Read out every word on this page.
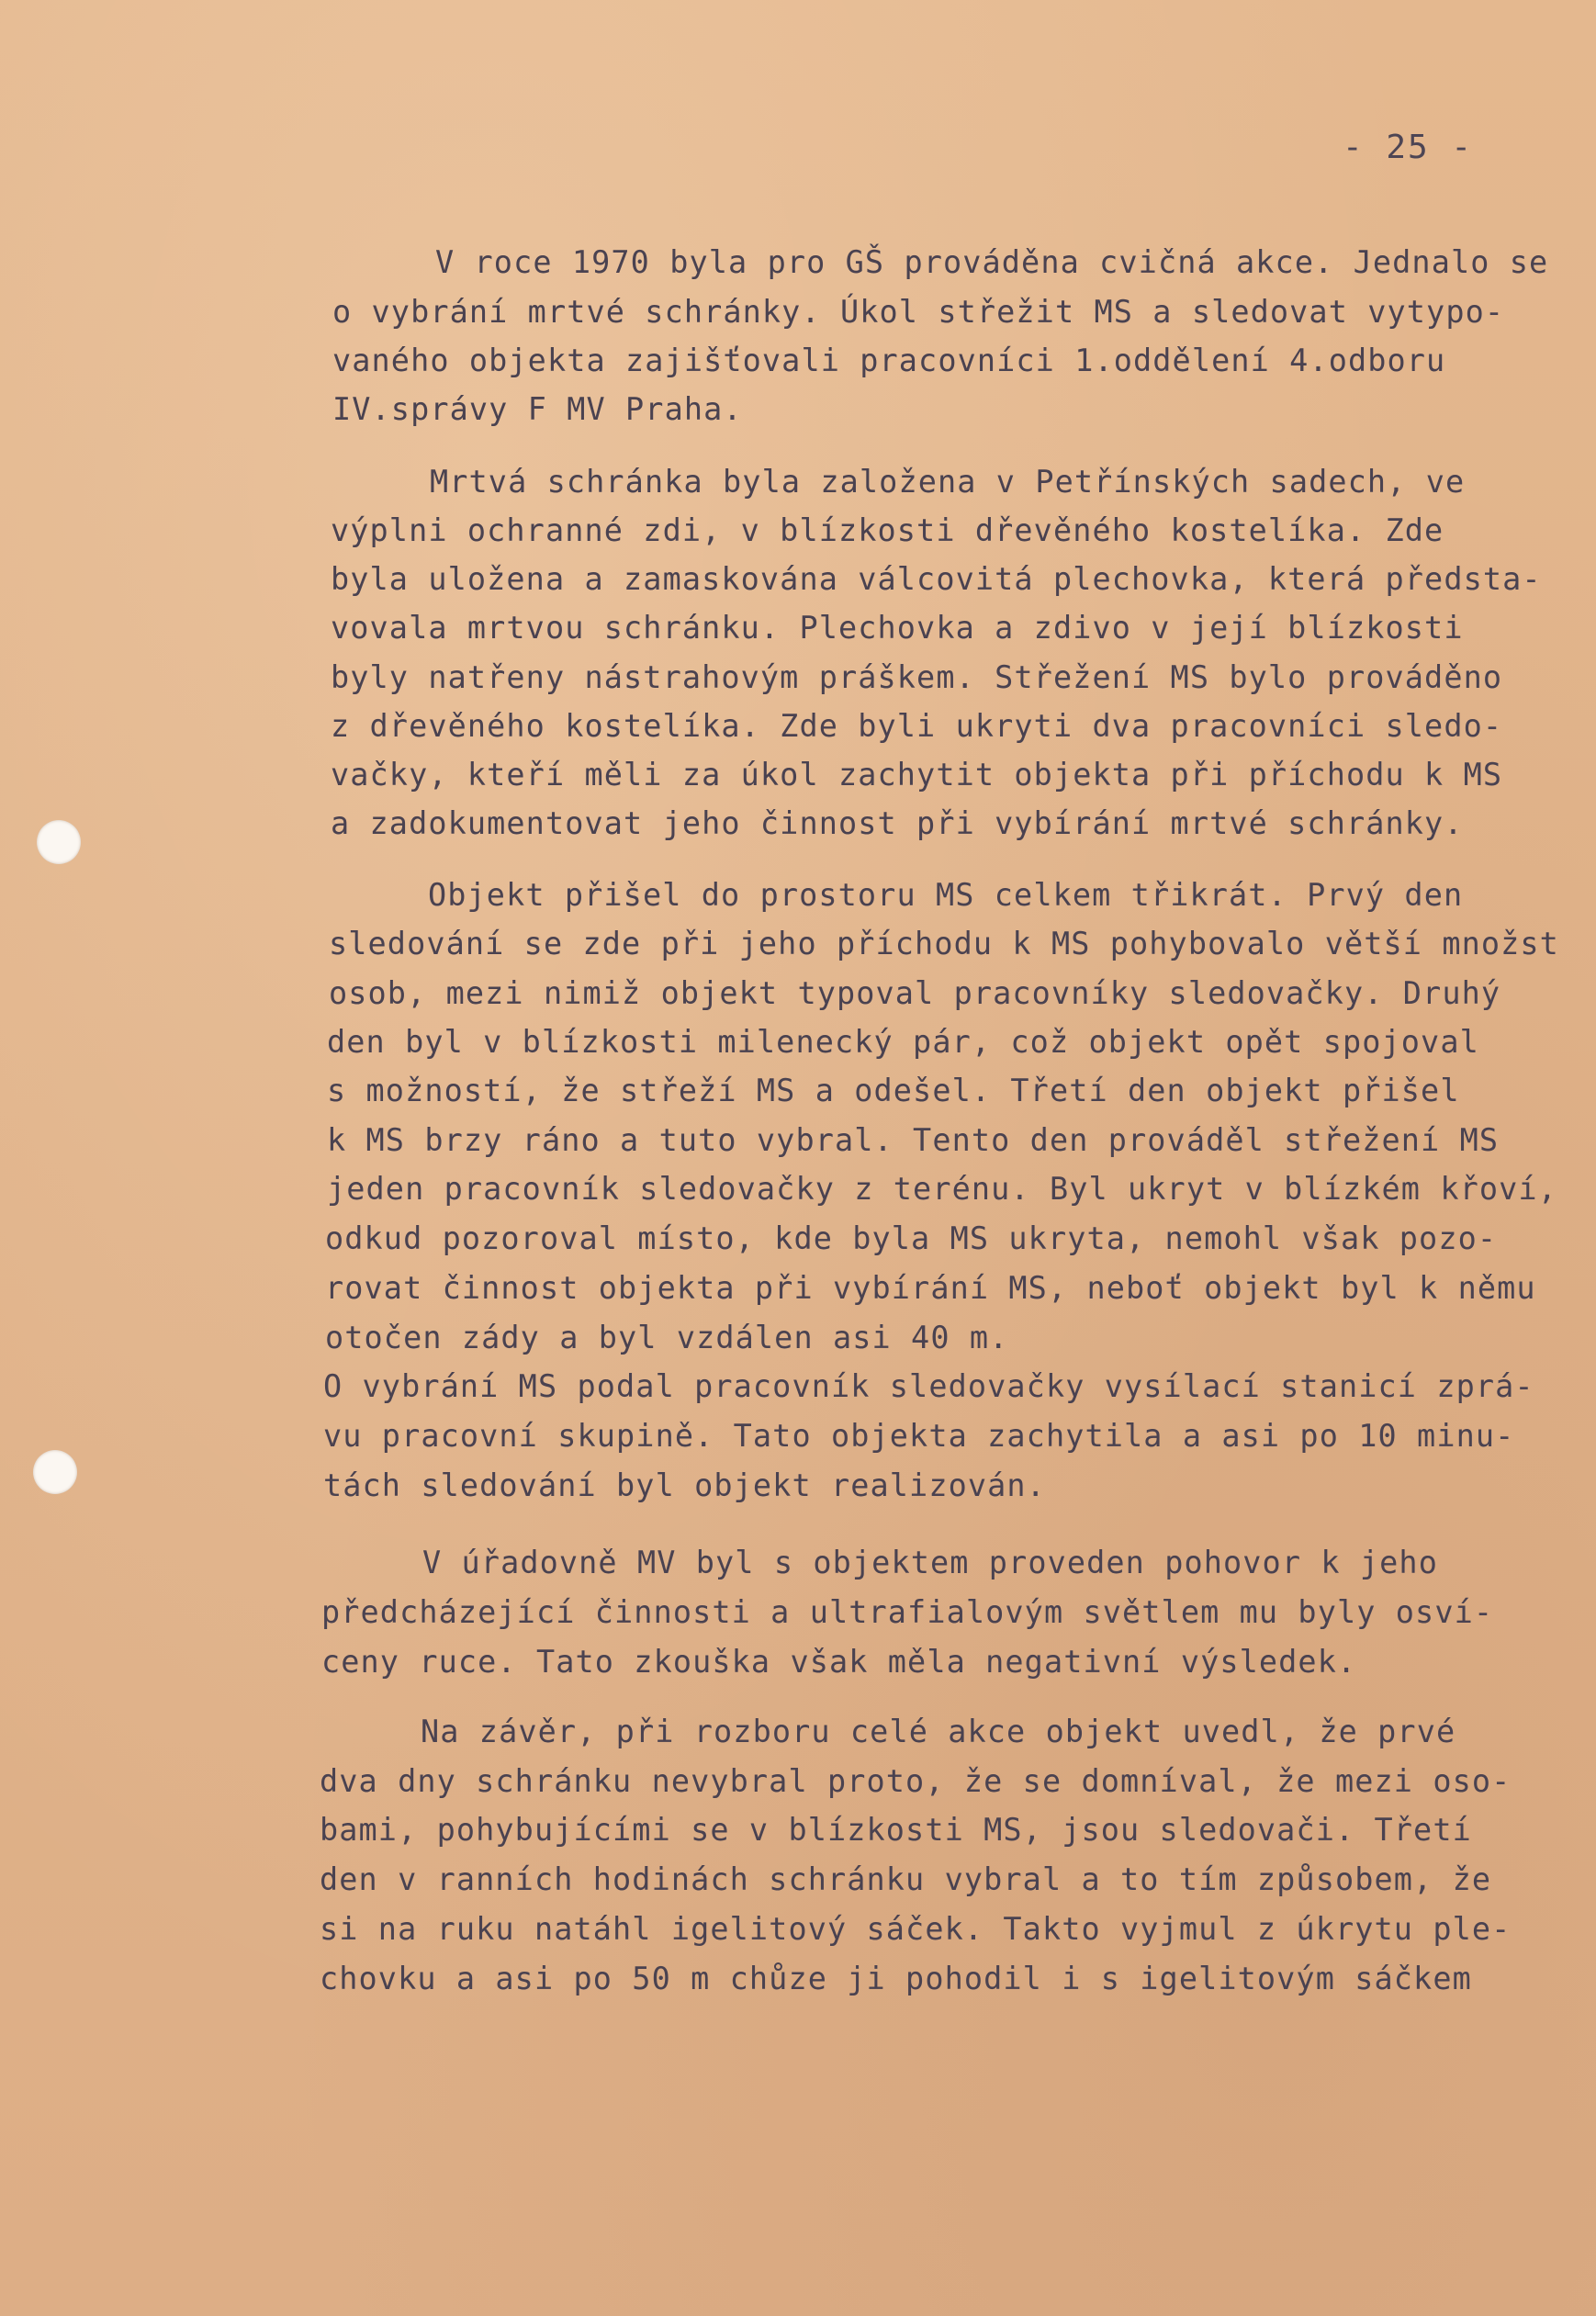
- 25 -
V roce 1970 byla pro GŠ prováděna cvičná akce. Jednalo se
o vybrání mrtvé schránky. Úkol střežit MS a sledovat vytypo-
vaného objekta zajišťovali pracovníci 1.oddělení 4.odboru
IV.správy F MV Praha.
Mrtvá schránka byla založena v Petřínských sadech, ve
výplni ochranné zdi, v blízkosti dřevěného kostelíka. Zde
byla uložena a zamaskována válcovitá plechovka, která předsta-
vovala mrtvou schránku. Plechovka a zdivo v její blízkosti
byly natřeny nástrahovým práškem. Střežení MS bylo prováděno
z dřevěného kostelíka. Zde byli ukryti dva pracovníci sledo-
vačky, kteří měli za úkol zachytit objekta při příchodu k MS
a zadokumentovat jeho činnost při vybírání mrtvé schránky.
Objekt přišel do prostoru MS celkem třikrát. Prvý den
sledování se zde při jeho příchodu k MS pohybovalo větší množst
osob, mezi nimiž objekt typoval pracovníky sledovačky. Druhý
den byl v blízkosti milenecký pár, což objekt opět spojoval
s možností, že střeží MS a odešel. Třetí den objekt přišel
k MS brzy ráno a tuto vybral. Tento den prováděl střežení MS
jeden pracovník sledovačky z terénu. Byl ukryt v blízkém křoví,
odkud pozoroval místo, kde byla MS ukryta, nemohl však pozo-
rovat činnost objekta při vybírání MS, neboť objekt byl k němu
otočen zády a byl vzdálen asi 40 m.
O vybrání MS podal pracovník sledovačky vysílací stanicí zprá-
vu pracovní skupině. Tato objekta zachytila a asi po 10 minu-
tách sledování byl objekt realizován.
V úřadovně MV byl s objektem proveden pohovor k jeho
předcházející činnosti a ultrafialovým světlem mu byly osví-
ceny ruce. Tato zkouška však měla negativní výsledek.
Na závěr, při rozboru celé akce objekt uvedl, že prvé
dva dny schránku nevybral proto, že se domníval, že mezi oso-
bami, pohybujícími se v blízkosti MS, jsou sledovači. Třetí
den v ranních hodinách schránku vybral a to tím způsobem, že
si na ruku natáhl igelitový sáček. Takto vyjmul z úkrytu ple-
chovku a asi po 50 m chůze ji pohodil i s igelitovým sáčkem
